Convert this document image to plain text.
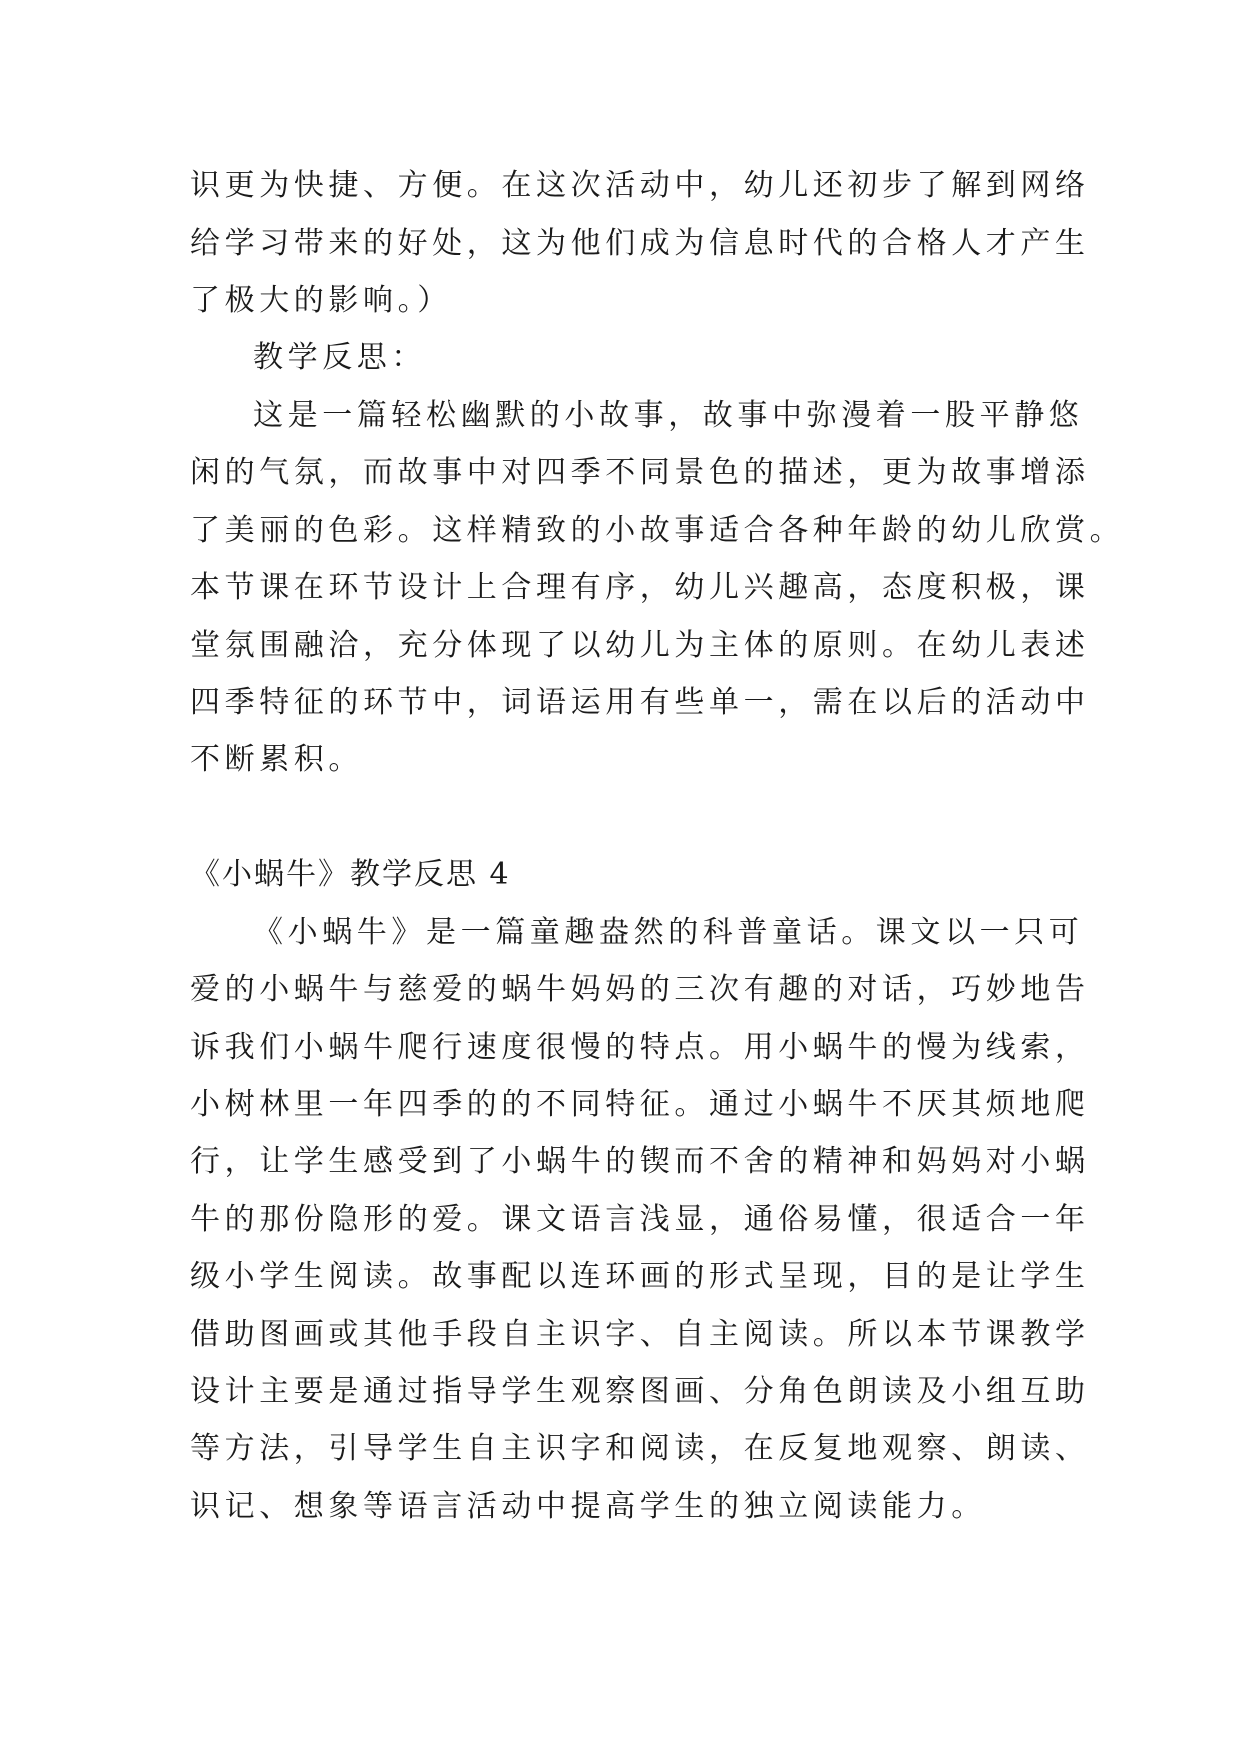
识更为快捷、方便。在这次活动中，幼儿还初步了解到网络
给学习带来的好处，这为他们成为信息时代的合格人才产生
了极大的影响。）
教学反思：
这是一篇轻松幽默的小故事，故事中弥漫着一股平静悠
闲的气氛，而故事中对四季不同景色的描述，更为故事增添
了美丽的色彩。这样精致的小故事适合各种年龄的幼儿欣赏。
本节课在环节设计上合理有序，幼儿兴趣高，态度积极，课
堂氛围融洽，充分体现了以幼儿为主体的原则。在幼儿表述
四季特征的环节中，词语运用有些单一，需在以后的活动中
不断累积。
《小蜗牛》教学反思 4
《小蜗牛》是一篇童趣盎然的科普童话。课文以一只可
爱的小蜗牛与慈爱的蜗牛妈妈的三次有趣的对话，巧妙地告
诉我们小蜗牛爬行速度很慢的特点。用小蜗牛的慢为线索，
小树林里一年四季的的不同特征。通过小蜗牛不厌其烦地爬
行，让学生感受到了小蜗牛的锲而不舍的精神和妈妈对小蜗
牛的那份隐形的爱。课文语言浅显，通俗易懂，很适合一年
级小学生阅读。故事配以连环画的形式呈现，目的是让学生
借助图画或其他手段自主识字、自主阅读。所以本节课教学
设计主要是通过指导学生观察图画、分角色朗读及小组互助
等方法，引导学生自主识字和阅读，在反复地观察、朗读、
识记、想象等语言活动中提高学生的独立阅读能力。
